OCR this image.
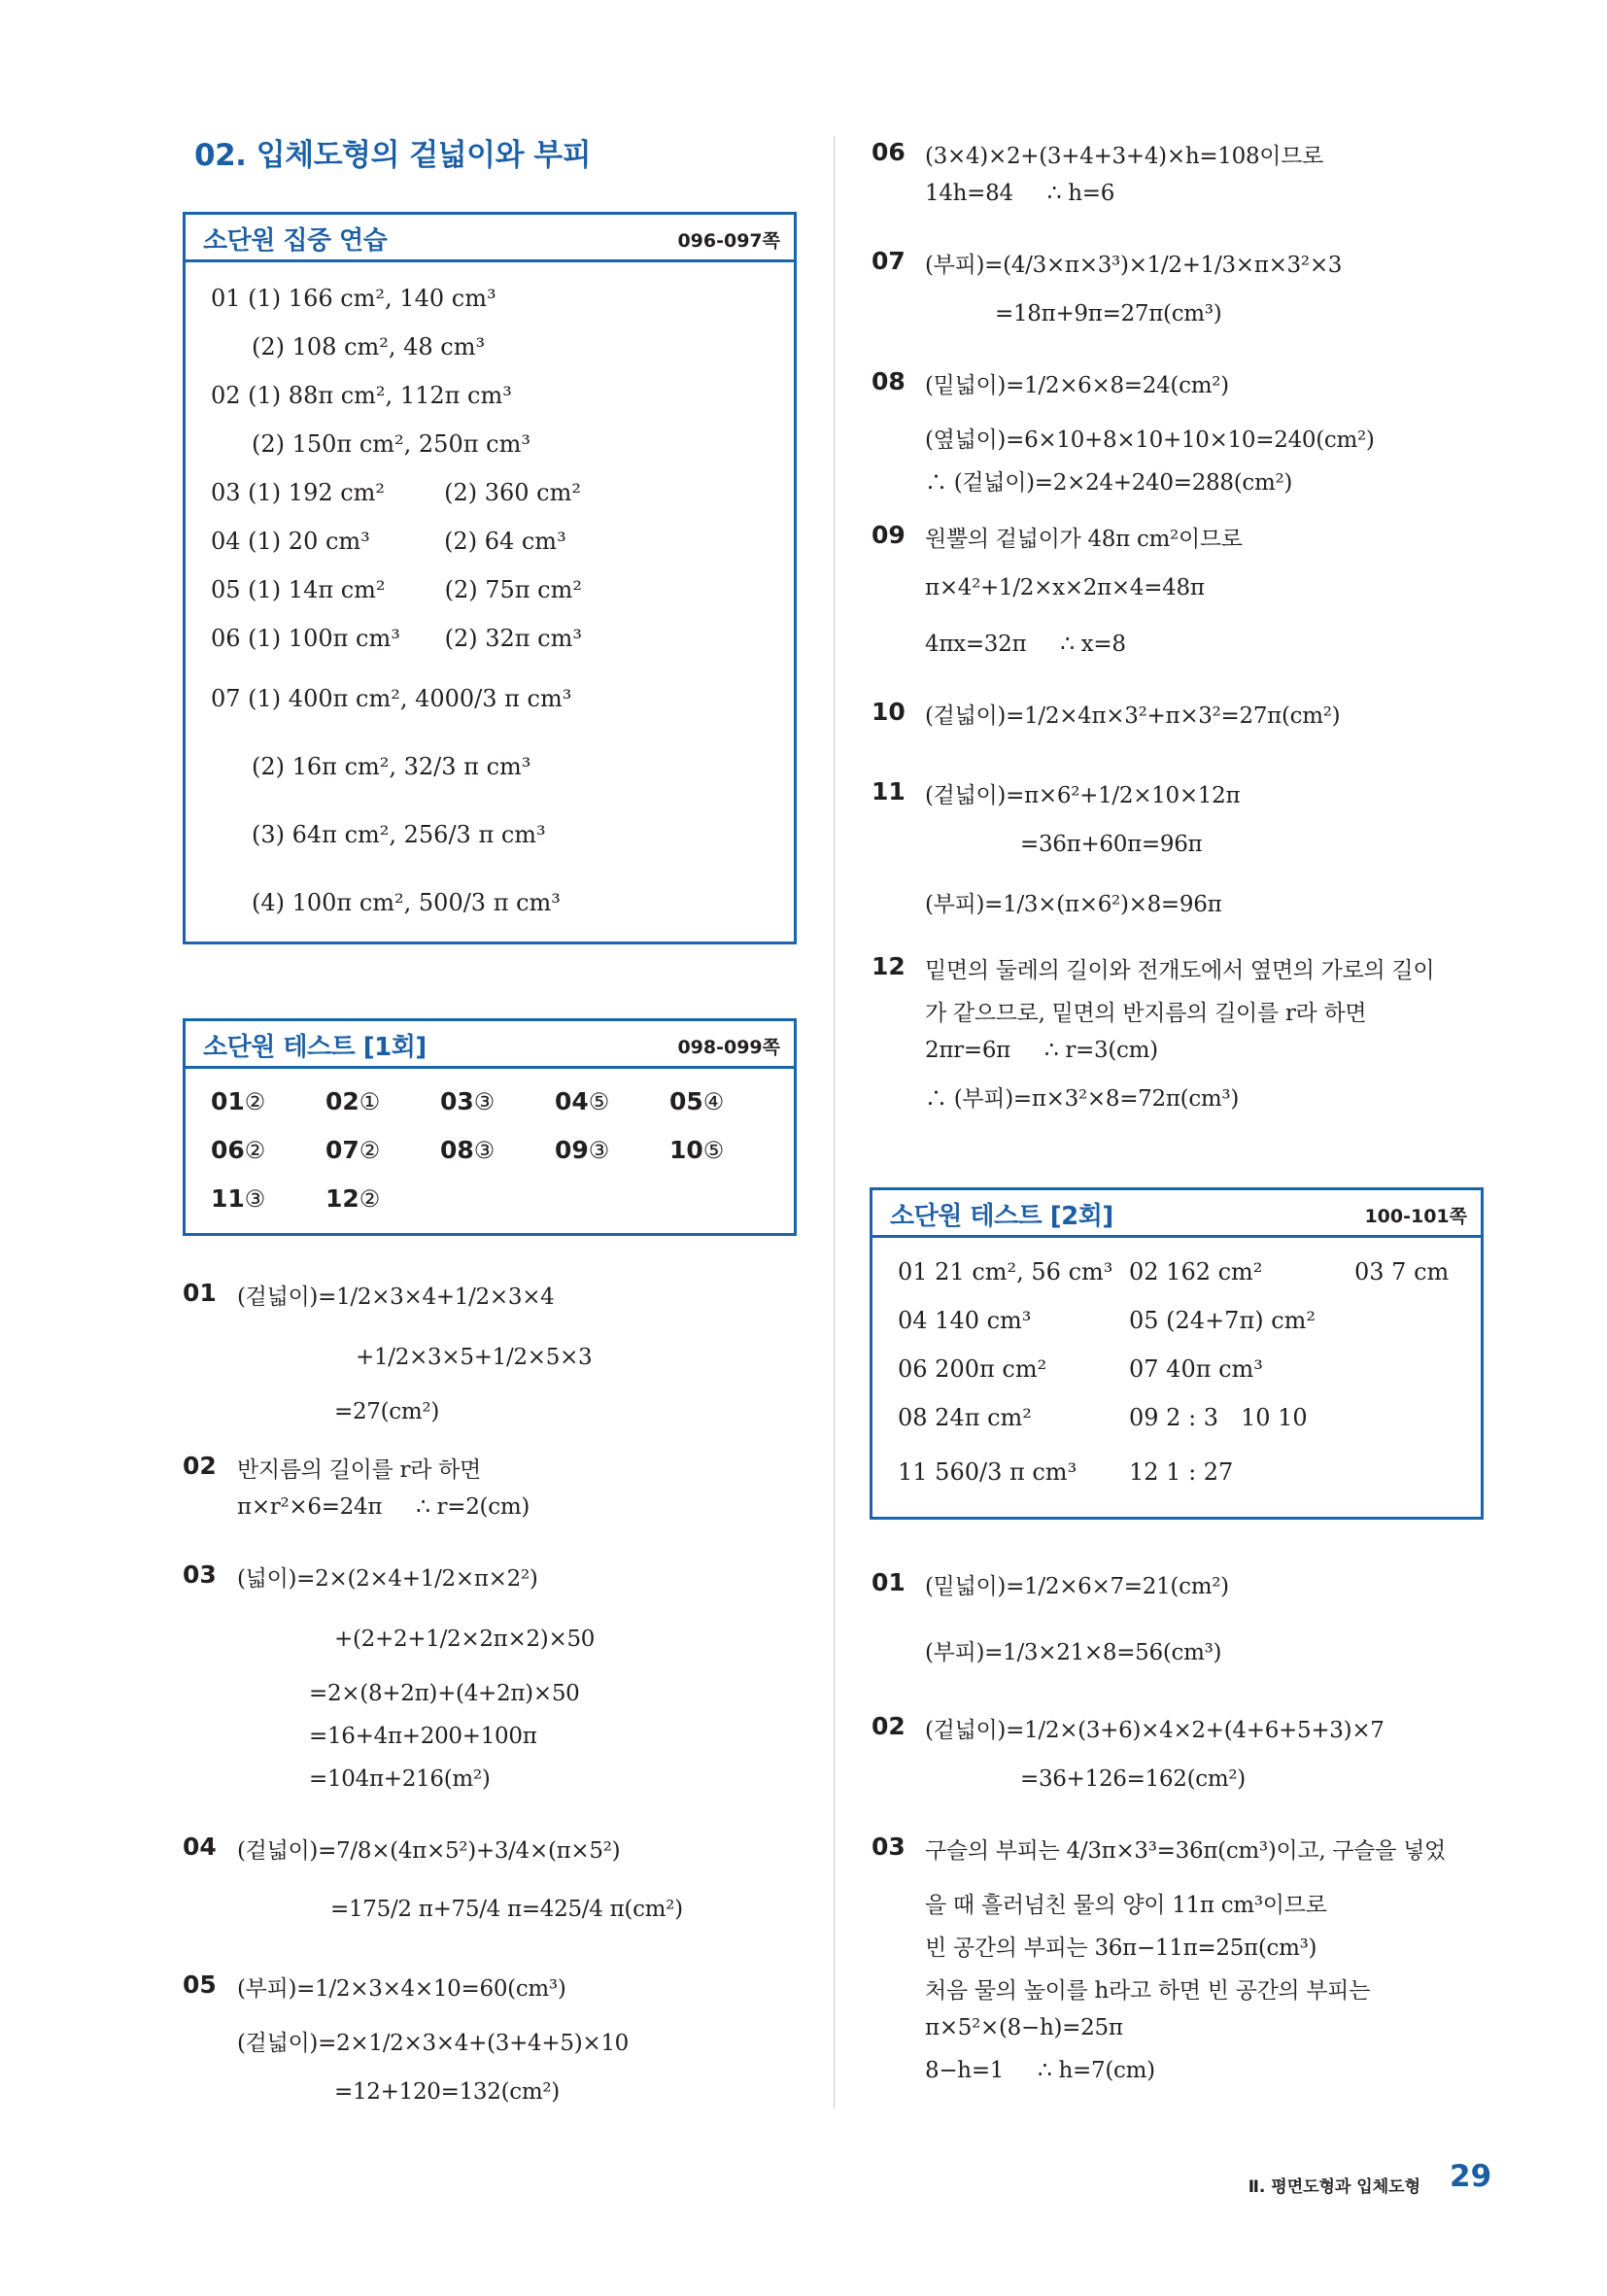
02. 입체도형의 겉넓이와 부피
소단원 집중 연습	096-097쪽
01 (1) 166 cm², 140 cm³
(2) 108 cm², 48 cm³
02 (1) 88π cm², 112π cm³
(2) 150π cm², 250π cm³
03 (1) 192 cm²        (2) 360 cm²
04 (1) 20 cm³          (2) 64 cm³
05 (1) 14π cm²        (2) 75π cm²
06 (1) 100π cm³      (2) 32π cm³
07 (1) 400π cm², 4000/3 π cm³
(2) 16π cm², 32/3 π cm³
(3) 64π cm², 256/3 π cm³
(4) 100π cm², 500/3 π cm³
소단원 테스트 [1회]	098-099쪽
01② 02① 03③ 04⑤ 05④
06② 07② 08③ 09③ 10⑤
11③ 12②
01 (겉넓이)=1/2×3×4+1/2×3×4
+1/2×3×5+1/2×5×3
=27(cm²)
02 반지름의 길이를 r라 하면
π×r²×6=24π     ∴ r=2(cm)
03 (넓이)=2×(2×4+1/2×π×2²)
+(2+2+1/2×2π×2)×50
=2×(8+2π)+(4+2π)×50
=16+4π+200+100π
=104π+216(m²)
04 (겉넓이)=7/8×(4π×5²)+3/4×(π×5²)
=175/2 π+75/4 π=425/4 π(cm²)
05 (부피)=1/2×3×4×10=60(cm³)
(겉넓이)=2×1/2×3×4+(3+4+5)×10
=12+120=132(cm²)
06 (3×4)×2+(3+4+3+4)×h=108이므로
14h=84     ∴ h=6
07 (부피)=(4/3×π×3³)×1/2+1/3×π×3²×3
=18π+9π=27π(cm³)
08 (밑넓이)=1/2×6×8=24(cm²)
(옆넓이)=6×10+8×10+10×10=240(cm²)
∴ (겉넓이)=2×24+240=288(cm²)
09 원뿔의 겉넓이가 48π cm²이므로
π×4²+1/2×x×2π×4=48π
4πx=32π     ∴ x=8
10 (겉넓이)=1/2×4π×3²+π×3²=27π(cm²)
11 (겉넓이)=π×6²+1/2×10×12π
=36π+60π=96π
(부피)=1/3×(π×6²)×8=96π
12 밑면의 둘레의 길이와 전개도에서 옆면의 가로의 길이
가 같으므로, 밑면의 반지름의 길이를 r라 하면
2πr=6π     ∴ r=3(cm)
∴ (부피)=π×3²×8=72π(cm³)
소단원 테스트 [2회]	100-101쪽
01 21 cm², 56 cm³ 02 162 cm²	03 7 cm
04 140 cm³	05 (24+7π) cm²
06 200π cm²	07 40π cm³
08 24π cm²	09 2 : 3   10 10
11 560/3 π cm³ 12 1 : 27
01 (밑넓이)=1/2×6×7=21(cm²)
(부피)=1/3×21×8=56(cm³)
02 (겉넓이)=1/2×(3+6)×4×2+(4+6+5+3)×7
=36+126=162(cm²)
03 구슬의 부피는 4/3π×3³=36π(cm³)이고, 구슬을 넣었
을 때 흘러넘친 물의 양이 11π cm³이므로
빈 공간의 부피는 36π−11π=25π(cm³)
처음 물의 높이를 h라고 하면 빈 공간의 부피는
π×5²×(8−h)=25π
8−h=1     ∴ h=7(cm)
Ⅱ. 평면도형과 입체도형 29
